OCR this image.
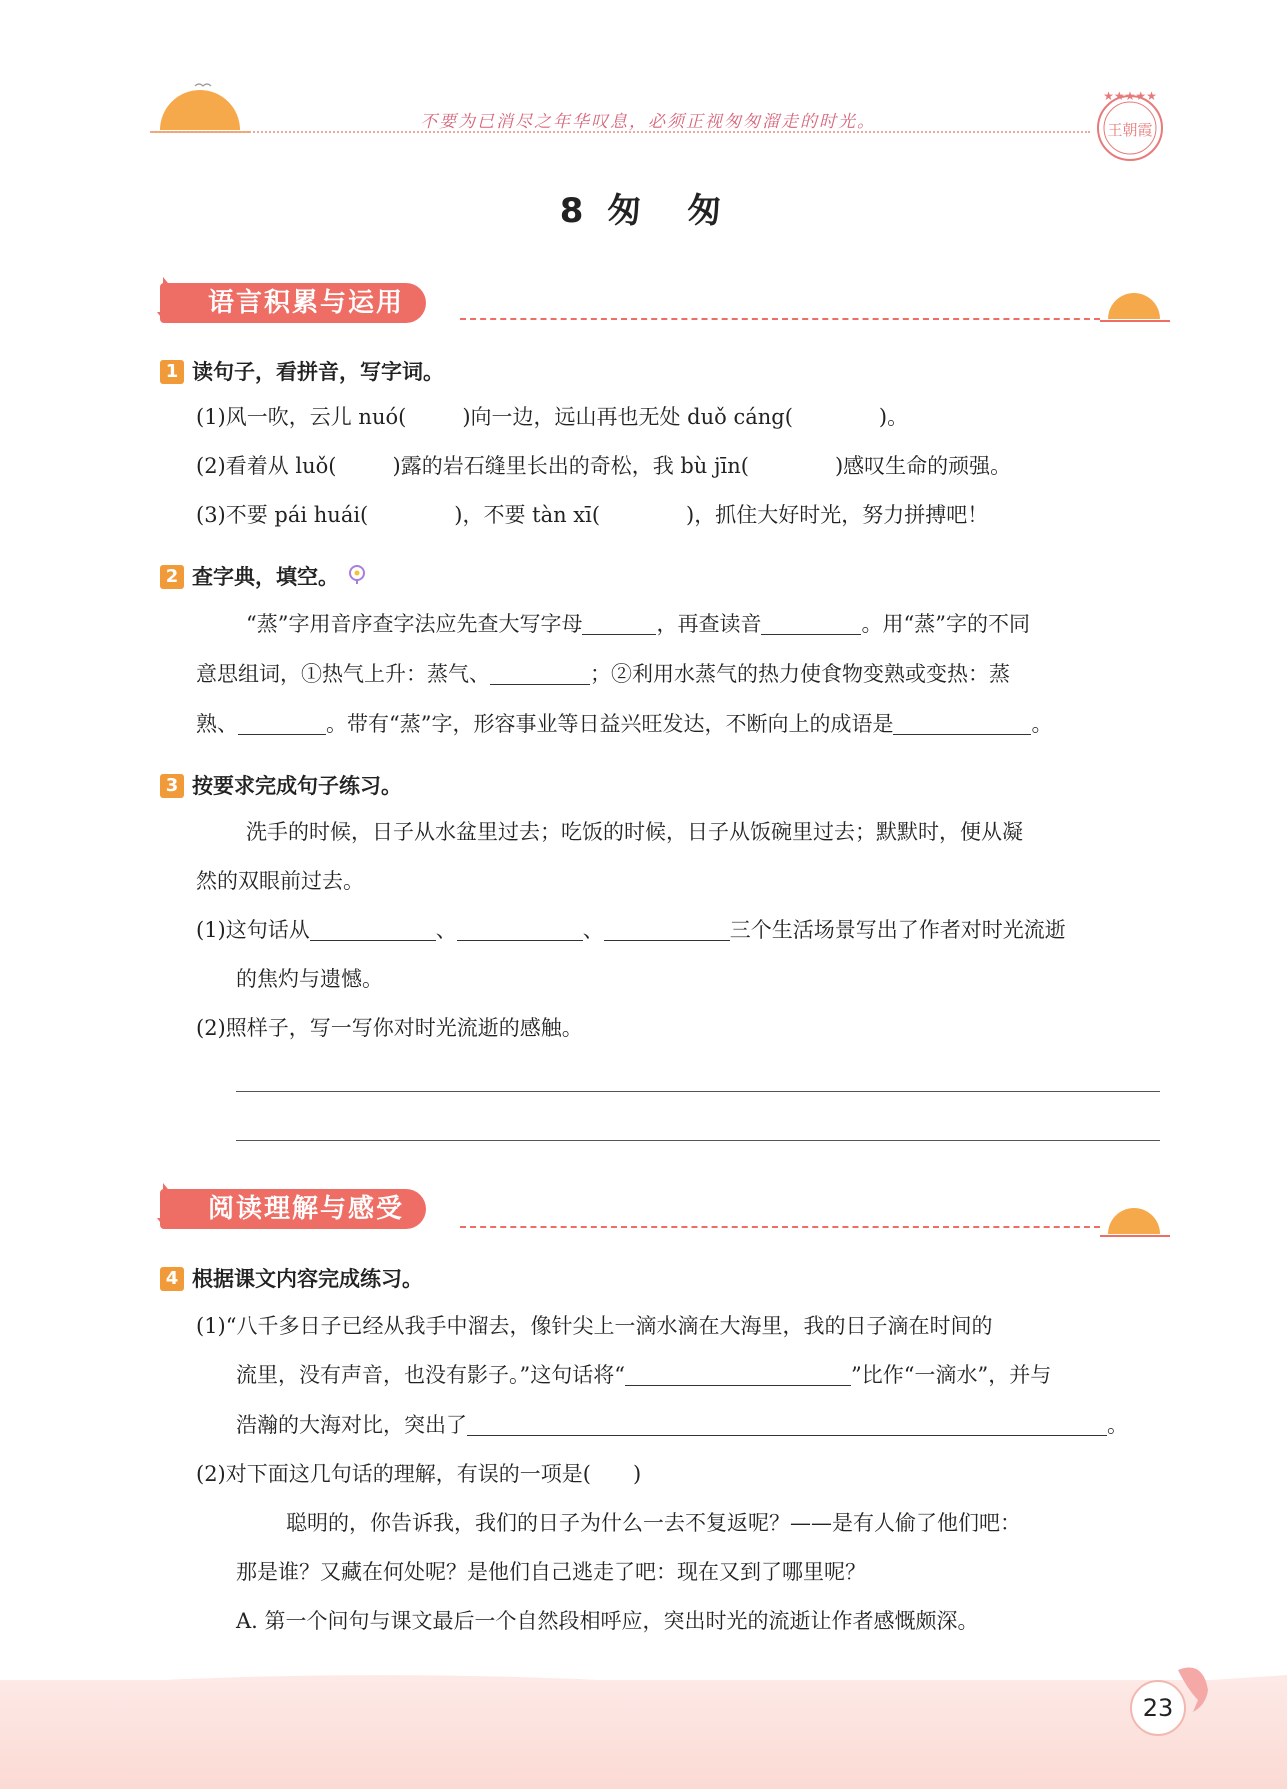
不要为已消尽之年华叹息，必须正视匆匆溜走的时光。
★★★★★
王朝霞
8 匆　匆
语言积累与运用
1 读句子，看拼音，写字词。
(1)风一吹，云儿 nuó(	)向一边，远山再也无处 duǒ cáng(	)。
(2)看着从 luǒ(	)露的岩石缝里长出的奇松，我 bù jīn(	)感叹生命的顽强。
(3)不要 pái huái(	)，不要 tàn xī(	)，抓住大好时光，努力拼搏吧！
2 查字典，填空。
“蒸”字用音序查字法应先查大写字母	，再查读音	。用“蒸”字的不同
意思组词，①热气上升：蒸气、	；②利用水蒸气的热力使食物变熟或变热：蒸
熟、	。带有“蒸”字，形容事业等日益兴旺发达，不断向上的成语是	。
3 按要求完成句子练习。
洗手的时候，日子从水盆里过去；吃饭的时候，日子从饭碗里过去；默默时，便从凝
然的双眼前过去。
(1)这句话从	、	、	三个生活场景写出了作者对时光流逝
的焦灼与遗憾。
(2)照样子，写一写你对时光流逝的感触。
阅读理解与感受
4 根据课文内容完成练习。
(1)“八千多日子已经从我手中溜去，像针尖上一滴水滴在大海里，我的日子滴在时间的
流里，没有声音，也没有影子。”这句话将“	”比作“一滴水”，并与
浩瀚的大海对比，突出了	。
(2)对下面这几句话的理解，有误的一项是(　　)
聪明的，你告诉我，我们的日子为什么一去不复返呢？——是有人偷了他们吧：
那是谁？又藏在何处呢？是他们自己逃走了吧：现在又到了哪里呢？
A. 第一个问句与课文最后一个自然段相呼应，突出时光的流逝让作者感慨颇深。
23
